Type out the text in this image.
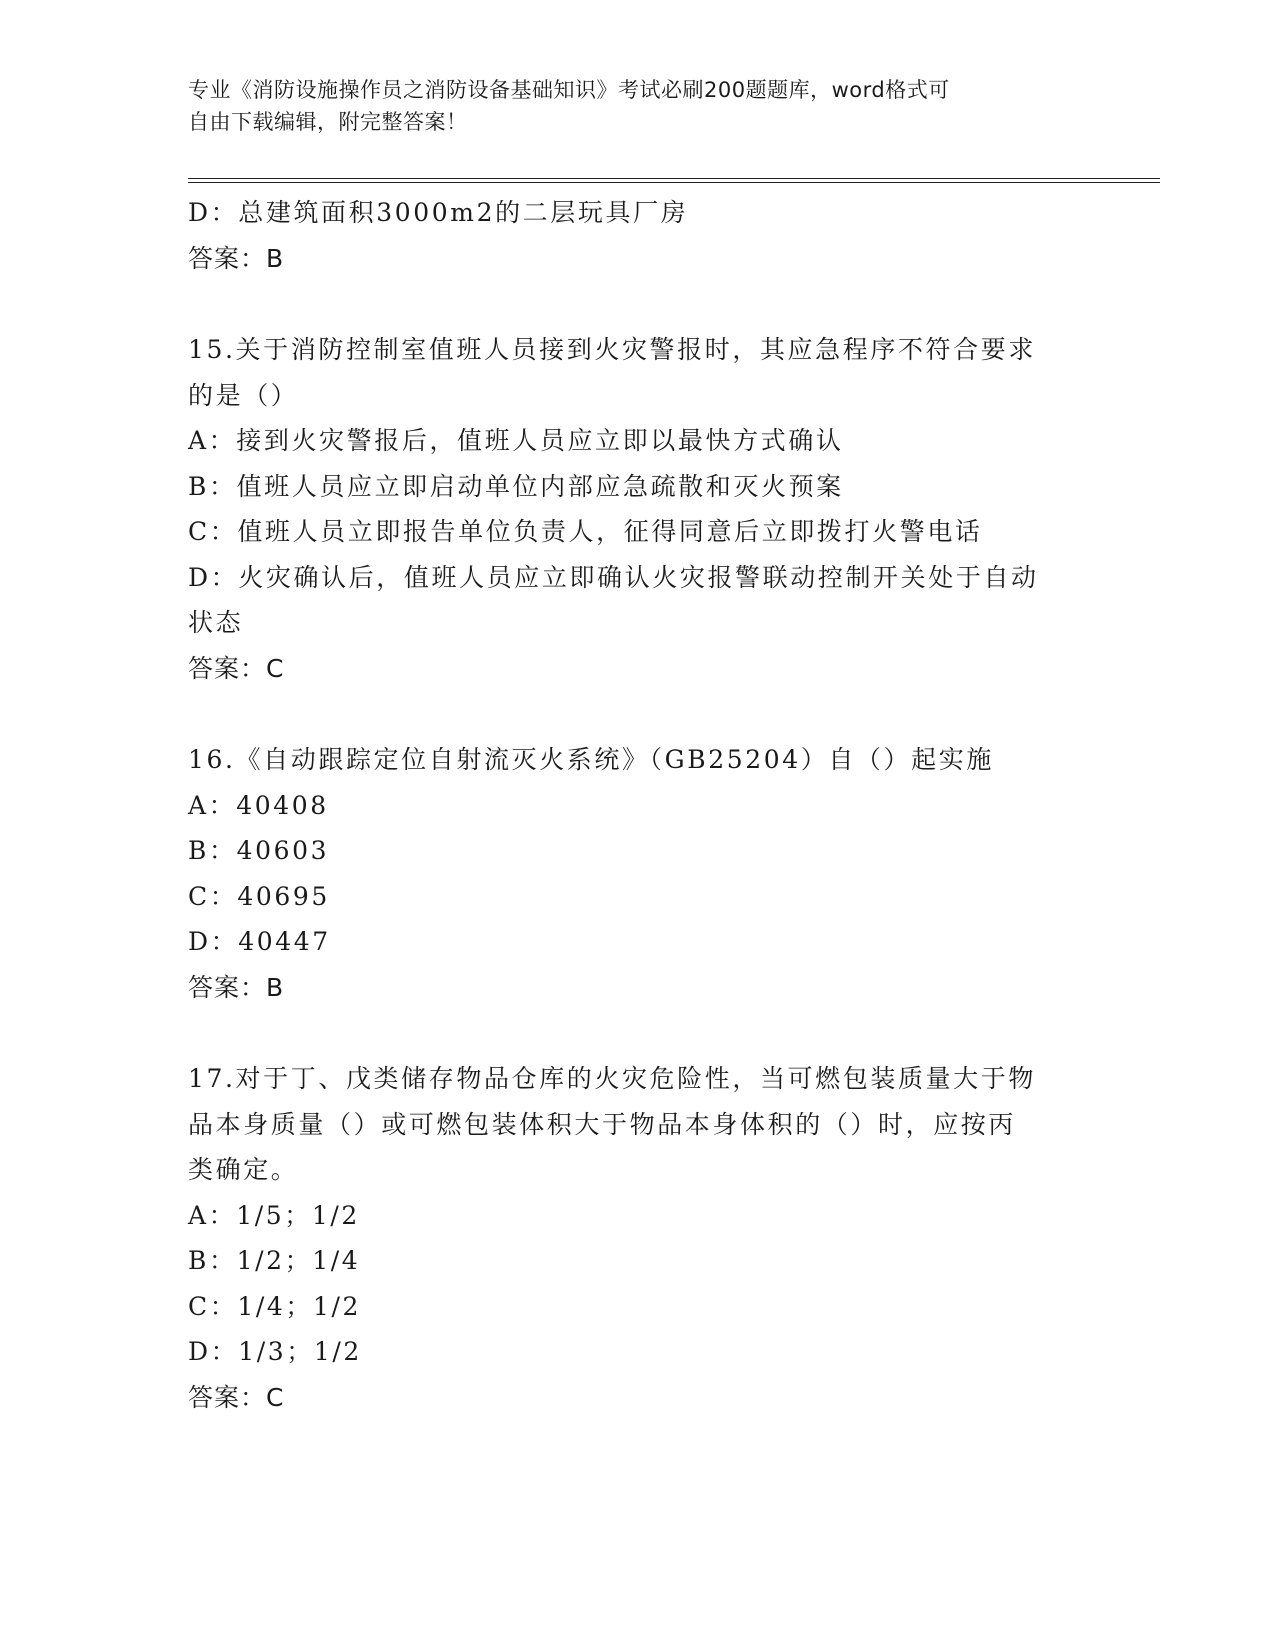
专业《消防设施操作员之消防设备基础知识》考试必刷200题题库，word格式可
自由下载编辑，附完整答案！
D：总建筑面积3000m2的二层玩具厂房
答案：B
15.关于消防控制室值班人员接到火灾警报时，其应急程序不符合要求
的是（）
A：接到火灾警报后，值班人员应立即以最快方式确认
B：值班人员应立即启动单位内部应急疏散和灭火预案
C：值班人员立即报告单位负责人，征得同意后立即拨打火警电话
D：火灾确认后，值班人员应立即确认火灾报警联动控制开关处于自动
状态
答案：C
16.《自动跟踪定位自射流灭火系统》（GB25204）自（）起实施
A：40408
B：40603
C：40695
D：40447
答案：B
17.对于丁、戊类储存物品仓库的火灾危险性，当可燃包装质量大于物
品本身质量（）或可燃包装体积大于物品本身体积的（）时，应按丙
类确定。
A：1/5；1/2
B：1/2；1/4
C：1/4；1/2
D：1/3；1/2
答案：C
